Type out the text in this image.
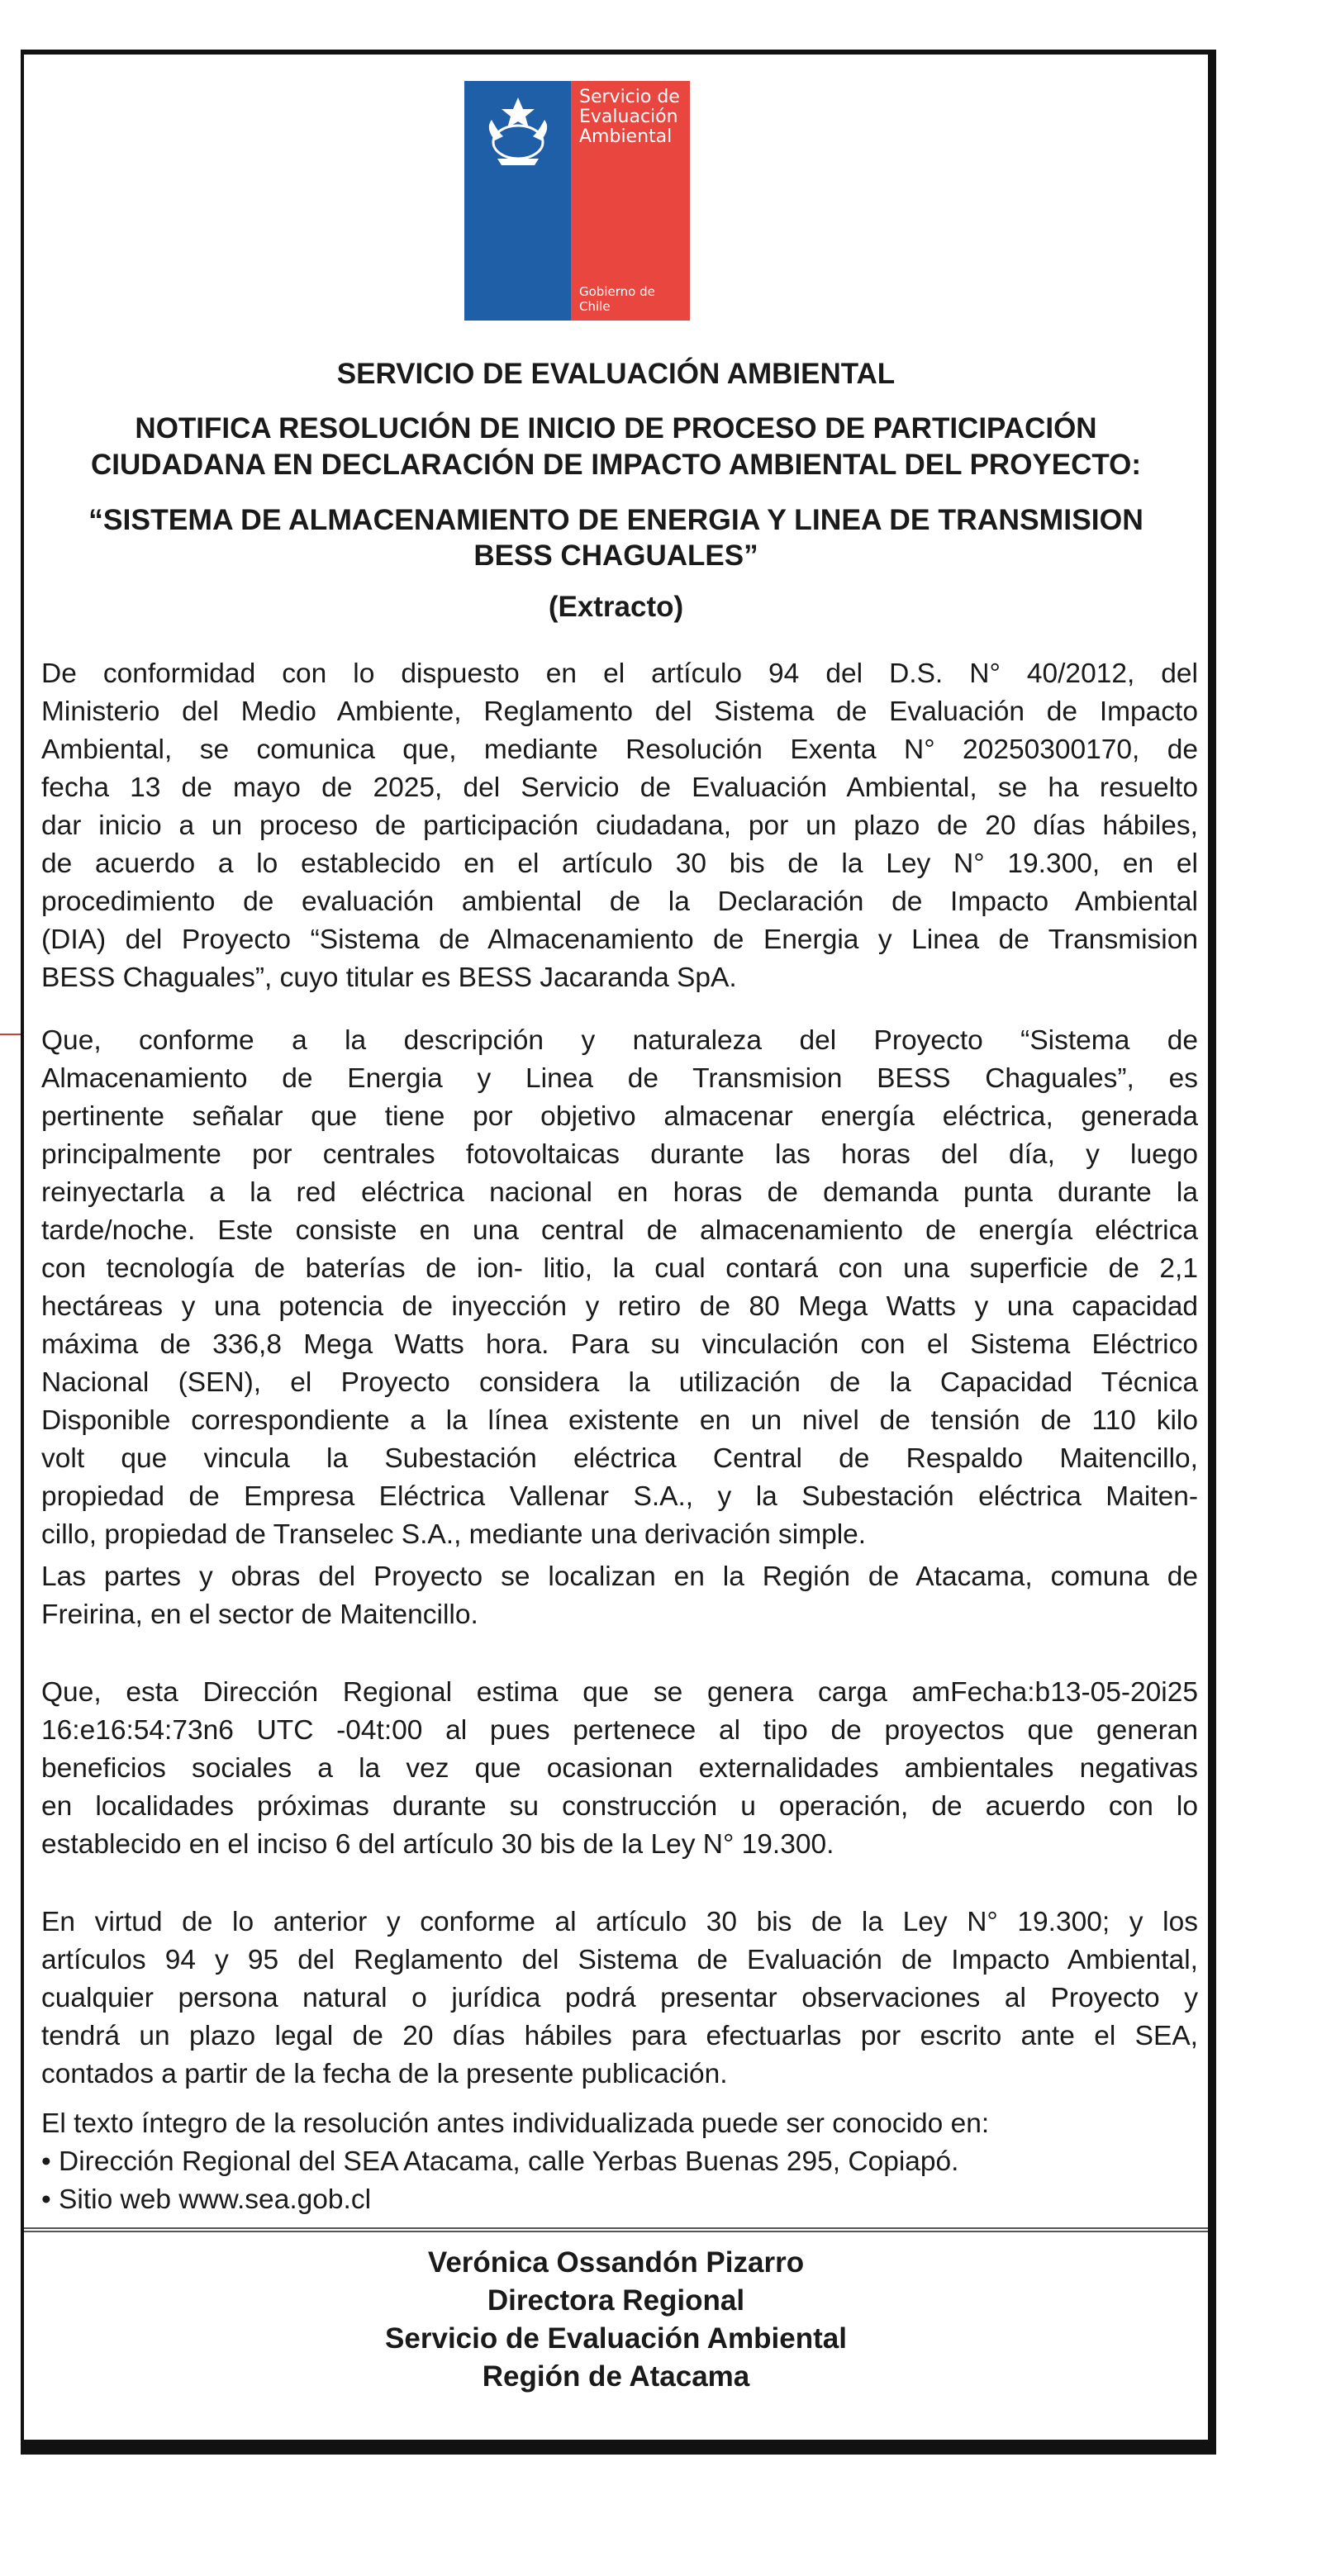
Servicio de
Evaluación
Ambiental
Gobierno de Chile
SERVICIO DE EVALUACIÓN AMBIENTAL
NOTIFICA RESOLUCIÓN DE INICIO DE PROCESO DE PARTICIPACIÓN
CIUDADANA EN DECLARACIÓN DE IMPACTO AMBIENTAL DEL PROYECTO:
“SISTEMA DE ALMACENAMIENTO DE ENERGIA Y LINEA DE TRANSMISION
BESS CHAGUALES”
(Extracto)
De conformidad con lo dispuesto en el artículo 94 del D.S. N° 40/2012, del
Ministerio del Medio Ambiente, Reglamento del Sistema de Evaluación de Impacto
Ambiental, se comunica que, mediante Resolución Exenta N° 20250300170, de
fecha 13 de mayo de 2025, del Servicio de Evaluación Ambiental, se ha resuelto
dar inicio a un proceso de participación ciudadana, por un plazo de 20 días hábiles,
de acuerdo a lo establecido en el artículo 30 bis de la Ley N° 19.300, en el
procedimiento de evaluación ambiental de la Declaración de Impacto Ambiental
(DIA) del Proyecto “Sistema de Almacenamiento de Energia y Linea de Transmision
BESS Chaguales”, cuyo titular es BESS Jacaranda SpA.
Que, conforme a la descripción y naturaleza del Proyecto “Sistema de
Almacenamiento de Energia y Linea de Transmision BESS Chaguales”, es
pertinente señalar que tiene por objetivo almacenar energía eléctrica, generada
principalmente por centrales fotovoltaicas durante las horas del día, y luego
reinyectarla a la red eléctrica nacional en horas de demanda punta durante la
tarde/noche. Este consiste en una central de almacenamiento de energía eléctrica
con tecnología de baterías de ion- litio, la cual contará con una superficie de 2,1
hectáreas y una potencia de inyección y retiro de 80 Mega Watts y una capacidad
máxima de 336,8 Mega Watts hora. Para su vinculación con el Sistema Eléctrico
Nacional (SEN), el Proyecto considera la utilización de la Capacidad Técnica
Disponible correspondiente a la línea existente en un nivel de tensión de 110 kilo
volt que vincula la Subestación eléctrica Central de Respaldo Maitencillo,
propiedad de Empresa Eléctrica Vallenar S.A., y la Subestación eléctrica Maiten-
cillo, propiedad de Transelec S.A., mediante una derivación simple.
Las partes y obras del Proyecto se localizan en la Región de Atacama, comuna de
Freirina, en el sector de Maitencillo.
Que, esta Dirección Regional estima que se genera carga amFecha:b13-05-20i25
16:e16:54:73n6 UTC -04t:00 al pues pertenece al tipo de proyectos que generan
beneficios sociales a la vez que ocasionan externalidades ambientales negativas
en localidades próximas durante su construcción u operación, de acuerdo con lo
establecido en el inciso 6 del artículo 30 bis de la Ley N° 19.300.
En virtud de lo anterior y conforme al artículo 30 bis de la Ley N° 19.300; y los
artículos 94 y 95 del Reglamento del Sistema de Evaluación de Impacto Ambiental,
cualquier persona natural o jurídica podrá presentar observaciones al Proyecto y
tendrá un plazo legal de 20 días hábiles para efectuarlas por escrito ante el SEA,
contados a partir de la fecha de la presente publicación.
El texto íntegro de la resolución antes individualizada puede ser conocido en:
• Dirección Regional del SEA Atacama, calle Yerbas Buenas 295, Copiapó.
• Sitio web www.sea.gob.cl
Verónica Ossandón Pizarro
Directora Regional
Servicio de Evaluación Ambiental
Región de Atacama
